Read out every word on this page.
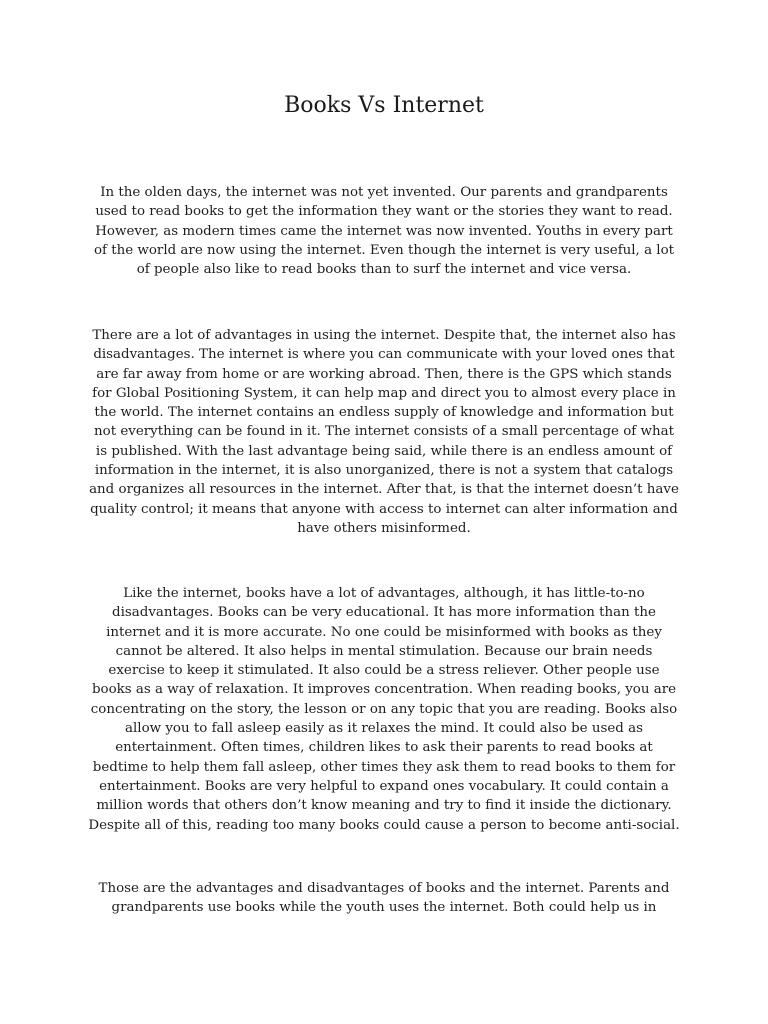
Books Vs Internet

In the olden days, the internet was not yet invented. Our parents and grandparents used to read books to get the information they want or the stories they want to read. However, as modern times came the internet was now invented. Youths in every part of the world are now using the internet. Even though the internet is very useful, a lot of people also like to read books than to surf the internet and vice versa.

There are a lot of advantages in using the internet. Despite that, the internet also has disadvantages. The internet is where you can communicate with your loved ones that are far away from home or are working abroad. Then, there is the GPS which stands for Global Positioning System, it can help map and direct you to almost every place in the world. The internet contains an endless supply of knowledge and information but not everything can be found in it. The internet consists of a small percentage of what is published. With the last advantage being said, while there is an endless amount of information in the internet, it is also unorganized, there is not a system that catalogs and organizes all resources in the internet. After that, is that the internet doesn’t have quality control; it means that anyone with access to internet can alter information and have others misinformed.

Like the internet, books have a lot of advantages, although, it has little-to-no disadvantages. Books can be very educational. It has more information than the internet and it is more accurate. No one could be misinformed with books as they cannot be altered. It also helps in mental stimulation. Because our brain needs exercise to keep it stimulated. It also could be a stress reliever. Other people use books as a way of relaxation. It improves concentration. When reading books, you are concentrating on the story, the lesson or on any topic that you are reading. Books also allow you to fall asleep easily as it relaxes the mind. It could also be used as entertainment. Often times, children likes to ask their parents to read books at bedtime to help them fall asleep, other times they ask them to read books to them for entertainment. Books are very helpful to expand ones vocabulary. It could contain a million words that others don’t know meaning and try to find it inside the dictionary. Despite all of this, reading too many books could cause a person to become anti-social.

Those are the advantages and disadvantages of books and the internet. Parents and grandparents use books while the youth uses the internet. Both could help us in
